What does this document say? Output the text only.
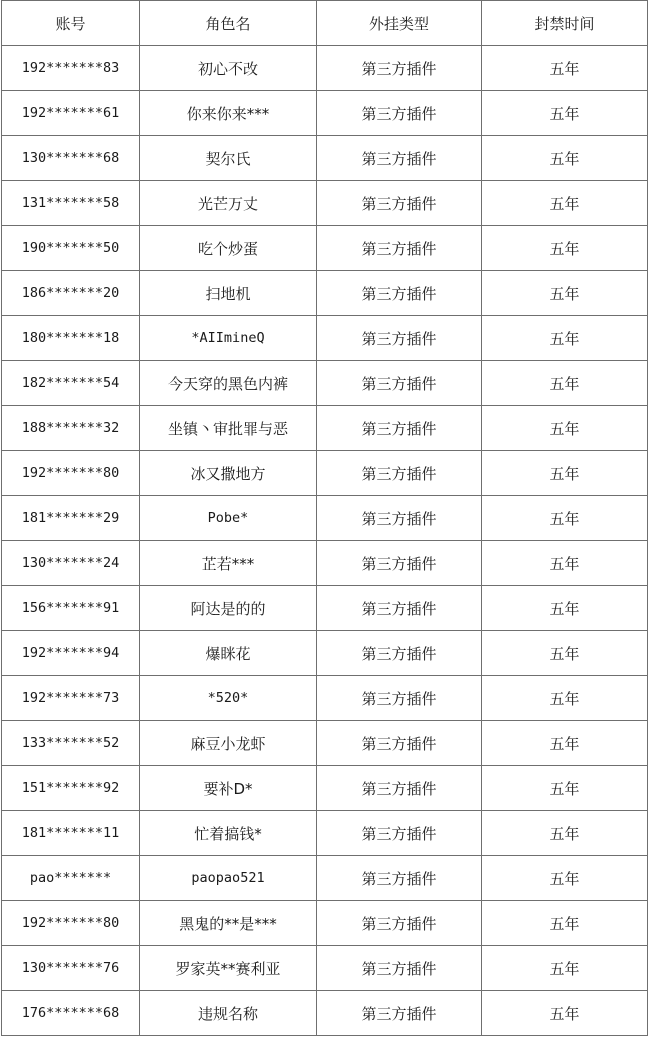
账号	角色名	外挂类型	封禁时间
192*******83	初心不改	第三方插件	五年
192*******61	你来你来***	第三方插件	五年
130*******68	契尔氏	第三方插件	五年
131*******58	光芒万丈	第三方插件	五年
190*******50	吃个炒蛋	第三方插件	五年
186*******20	扫地机	第三方插件	五年
180*******18	*AIImineQ	第三方插件	五年
182*******54	今天穿的黑色内裤	第三方插件	五年
188*******32	坐镇丶审批罪与恶	第三方插件	五年
192*******80	冰又撒地方	第三方插件	五年
181*******29	Pobe*	第三方插件	五年
130*******24	芷若***	第三方插件	五年
156*******91	阿达是的的	第三方插件	五年
192*******94	爆眯花	第三方插件	五年
192*******73	*520*	第三方插件	五年
133*******52	麻豆小龙虾	第三方插件	五年
151*******92	要补D*	第三方插件	五年
181*******11	忙着搞钱*	第三方插件	五年
pao*******	paopao521	第三方插件	五年
192*******80	黑鬼的**是***	第三方插件	五年
130*******76	罗家英**赛利亚	第三方插件	五年
176*******68	违规名称	第三方插件	五年
